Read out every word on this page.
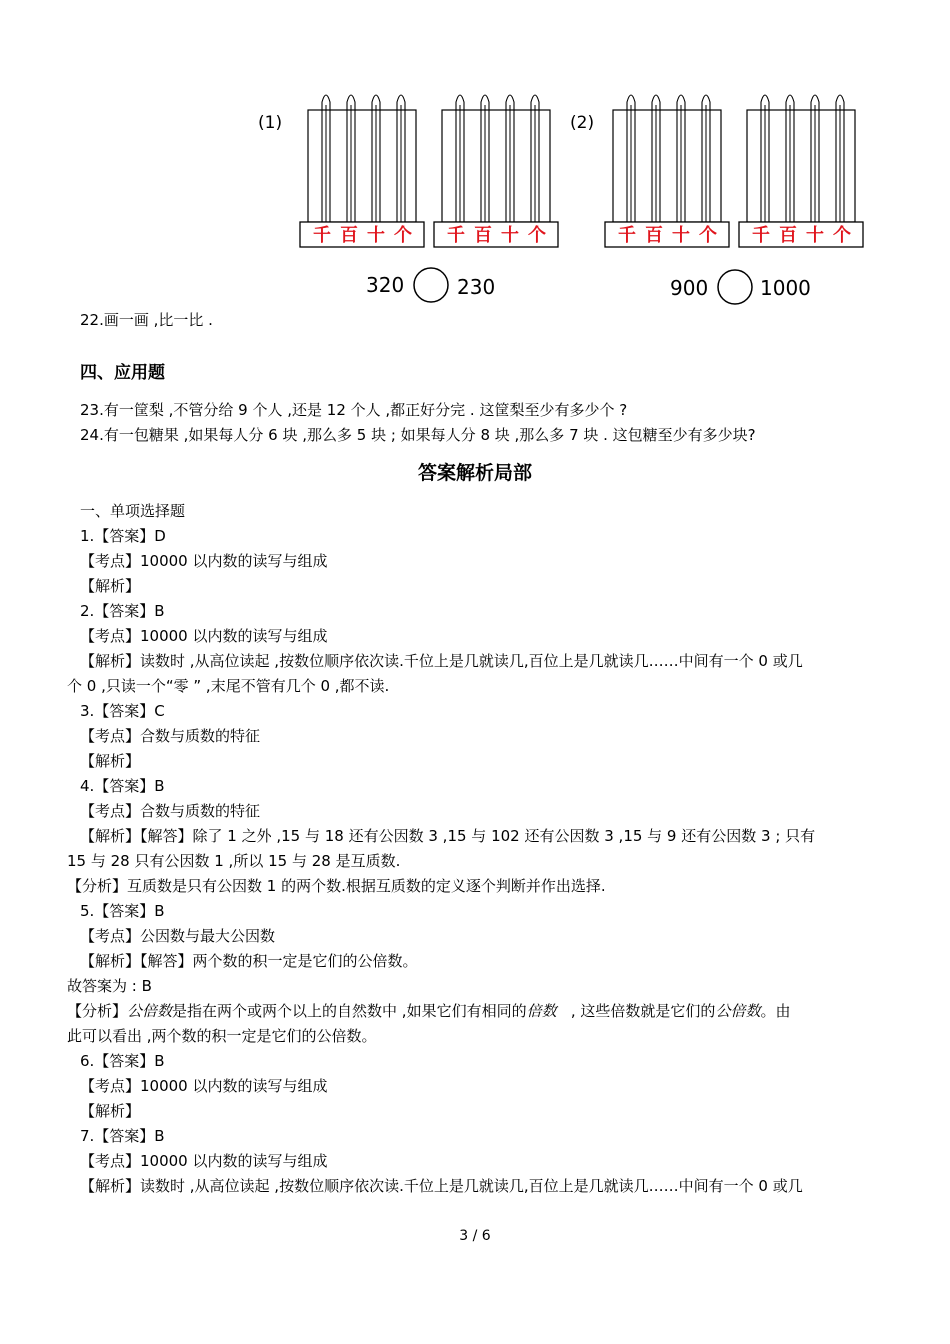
(1)	(2)
千 百 十 个 千 百 十 个	千 百 十 个 千 百 十 个
320	230	900	1000
22.画一画 ,比一比 .
四、应用题
23.有一筐梨 ,不管分给 9 个人 ,还是 12 个人 ,都正好分完 . 这筐梨至少有多少个 ?
24.有一包糖果 ,如果每人分 6 块 ,那么多 5 块 ; 如果每人分 8 块 ,那么多 7 块 . 这包糖至少有多少块?
答案解析局部
一、单项选择题
1.【答案】D
【考点】10000 以内数的读写与组成
【解析】
2.【答案】B
【考点】10000 以内数的读写与组成
【解析】读数时 ,从高位读起 ,按数位顺序依次读.千位上是几就读几,百位上是几就读几……中间有一个 0 或几
个 0 ,只读一个“零 ” ,末尾不管有几个 0 ,都不读.
3.【答案】C
【考点】合数与质数的特征
【解析】
4.【答案】B
【考点】合数与质数的特征
【解析】【解答】除了 1 之外 ,15 与 18 还有公因数 3 ,15 与 102 还有公因数 3 ,15 与 9 还有公因数 3 ; 只有
15 与 28 只有公因数 1 ,所以 15 与 28 是互质数.
【分析】互质数是只有公因数 1 的两个数.根据互质数的定义逐个判断并作出选择.
5.【答案】B
【考点】公因数与最大公因数
【解析】【解答】两个数的积一定是它们的公倍数。
故答案为 : B
【分析】公倍数是指在两个或两个以上的自然数中 ,如果它们有相同的倍数   , 这些倍数就是它们的公倍数。由
此可以看出 ,两个数的积一定是它们的公倍数。
6.【答案】B
【考点】10000 以内数的读写与组成
【解析】
7.【答案】B
【考点】10000 以内数的读写与组成
【解析】读数时 ,从高位读起 ,按数位顺序依次读.千位上是几就读几,百位上是几就读几……中间有一个 0 或几
3 / 6
